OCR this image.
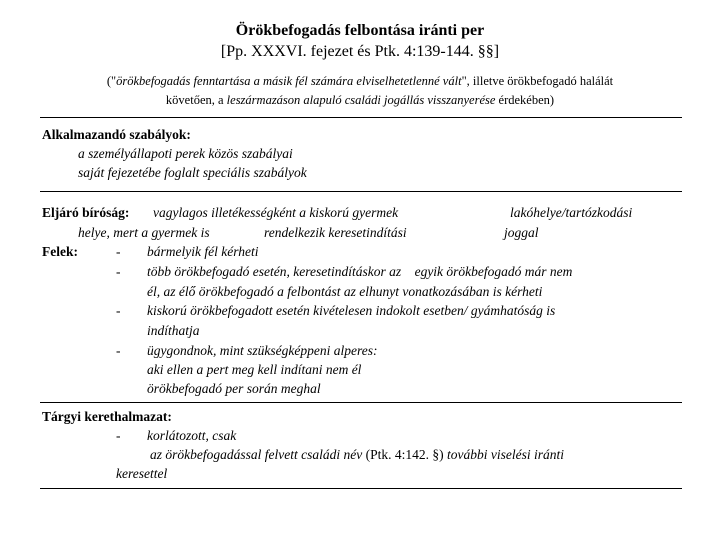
Örökbefogadás felbontása iránti per
[Pp. XXXVI. fejezet és Ptk. 4:139-144. §§]
("örökbefogadás fenntartása a másik fél számára elviselhetetlenné vált", illetve örökbefogadó halálát
követően, a leszármazáson alapuló családi jogállás visszanyerése érdekében)
Alkalmazandó szabályok:
a személyállapoti perek közös szabályai
saját fejezetébe foglalt speciális szabályok
Eljáró bíróság: vagylagos illetékességként a kiskorú gyermek	lakóhelye/tartózkodási
helye, mert a gyermek is	rendelkezik keresetindítási	joggal
Felek:	- bármelyik fél kérheti
- több örökbefogadó esetén, keresetindításkor az    egyik örökbefogadó már nem
él, az élő örökbefogadó a felbontást az elhunyt vonatkozásában is kérheti
- kiskorú örökbefogadott esetén kivételesen indokolt esetben/ gyámhatóság is
indíthatja
- ügygondnok, mint szükségképpeni alperes:
aki ellen a pert meg kell indítani nem él
örökbefogadó per során meghal
Tárgyi kerethalmazat:
- korlátozott, csak
az örökbefogadással felvett családi név (Ptk. 4:142. §) további viselési iránti
keresettel
